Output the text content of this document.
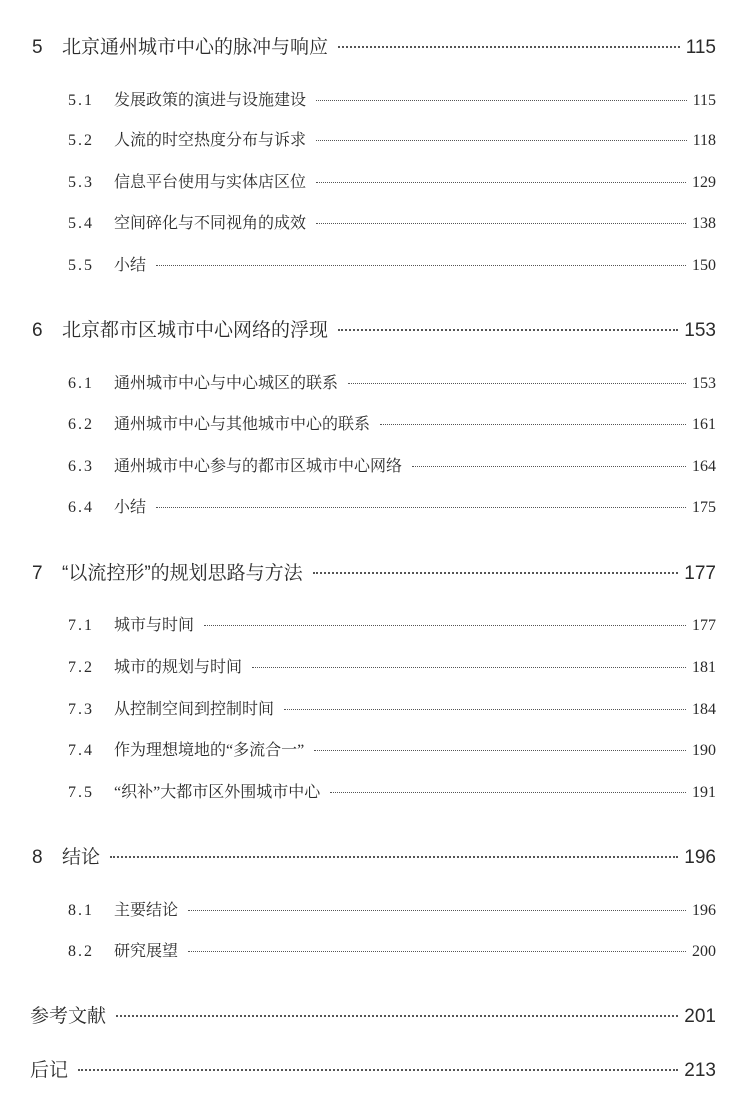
5	北京通州城市中心的脉冲与响应	115
5.1	发展政策的演进与设施建设	115
5.2	人流的时空热度分布与诉求	118
5.3	信息平台使用与实体店区位	129
5.4	空间碎化与不同视角的成效	138
5.5	小结	150
6	北京都市区城市中心网络的浮现	153
6.1	通州城市中心与中心城区的联系	153
6.2	通州城市中心与其他城市中心的联系	161
6.3	通州城市中心参与的都市区城市中心网络	164
6.4	小结	175
7	“以流控形”的规划思路与方法	177
7.1	城市与时间	177
7.2	城市的规划与时间	181
7.3	从控制空间到控制时间	184
7.4	作为理想境地的“多流合一”	190
7.5	“织补”大都市区外围城市中心	191
8	结论	196
8.1	主要结论	196
8.2	研究展望	200
参考文献	201
后记	213
